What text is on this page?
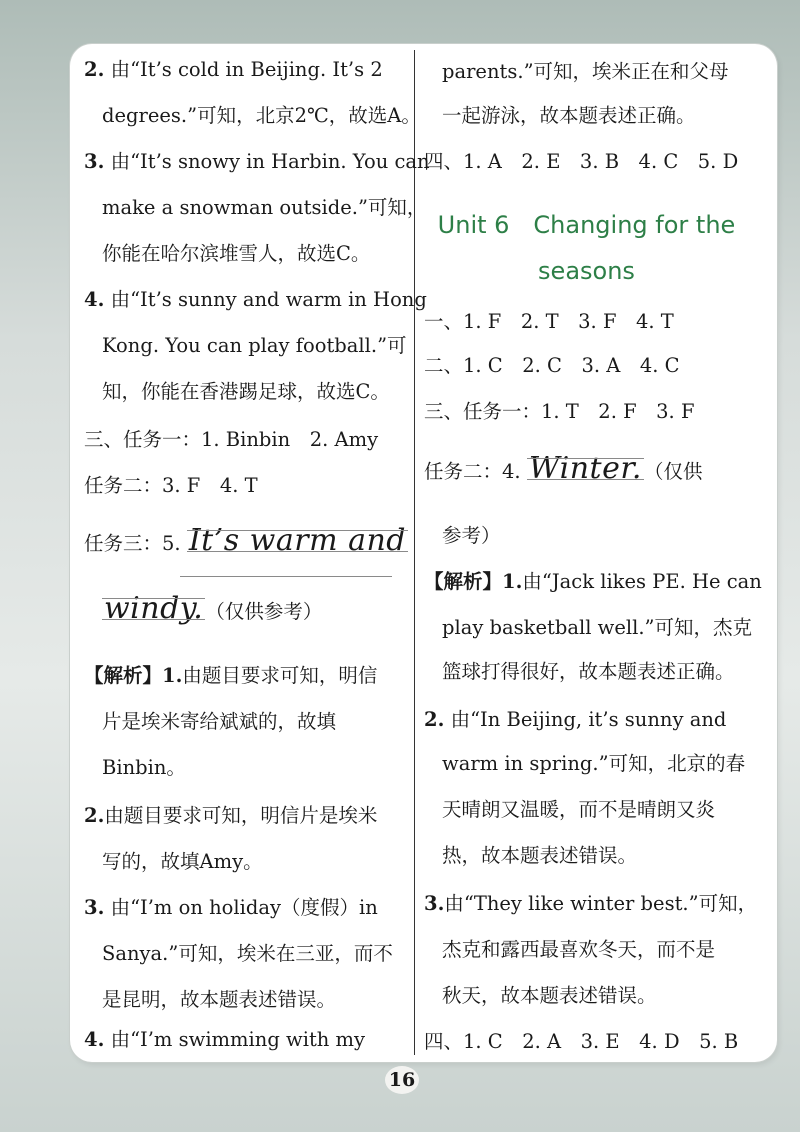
2. 由“It’s cold in Beijing. It’s 2
degrees.”可知，北京2℃，故选A。
3. 由“It’s snowy in Harbin. You can
make a snowman outside.”可知，
你能在哈尔滨堆雪人，故选C。
4. 由“It’s sunny and warm in Hong
Kong. You can play football.”可
知，你能在香港踢足球，故选C。
三、任务一：1. Binbin　2. Amy
任务二：3. F　4. T
任务三：5. It’s warm and
windy. （仅供参考）
【解析】1.由题目要求可知，明信
片是埃米寄给斌斌的，故填
Binbin。
2.由题目要求可知，明信片是埃米
写的，故填Amy。
3. 由“I’m on holiday（度假）in
Sanya.”可知，埃米在三亚，而不
是昆明，故本题表述错误。
4. 由“I’m swimming with my
parents.”可知，埃米正在和父母
一起游泳，故本题表述正确。
四、1. A　2. E　3. B　4. C　5. D
Unit 6　Changing for the
seasons
一、1. F　2. T　3. F　4. T
二、1. C　2. C　3. A　4. C
三、任务一：1. T　2. F　3. F
任务二：4. Winter. （仅供
参考）
【解析】1.由“Jack likes PE. He can
play basketball well.”可知，杰克
篮球打得很好，故本题表述正确。
2. 由“In Beijing, it’s sunny and
warm in spring.”可知，北京的春
天晴朗又温暖，而不是晴朗又炎
热，故本题表述错误。
3.由“They like winter best.”可知，
杰克和露西最喜欢冬天，而不是
秋天，故本题表述错误。
四、1. C　2. A　3. E　4. D　5. B
16
